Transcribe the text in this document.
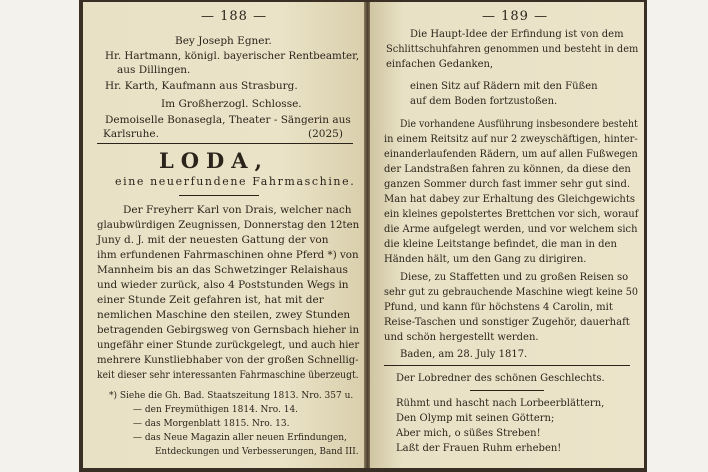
— 188 —
Bey Joseph Egner.
Hr. Hartmann, königl. bayerischer Rentbeamter,
aus Dillingen.
Hr. Karth, Kaufmann aus Strasburg.
Im Großherzogl. Schlosse.
Demoiselle Bonasegla, Theater - Sängerin aus
Karlsruhe.	(2025)
LODA,
eine neuerfundene Fahrmaschine.
Der Freyherr Karl von Drais, welcher nach
glaubwürdigen Zeugnissen, Donnerstag den 12ten
Juny d. J. mit der neuesten Gattung der von
ihm erfundenen Fahrmaschinen ohne Pferd *) von
Mannheim bis an das Schwetzinger Relaishaus
und wieder zurück, also 4 Poststunden Wegs in
einer Stunde Zeit gefahren ist, hat mit der
nemlichen Maschine den steilen, zwey Stunden
betragenden Gebirgsweg von Gernsbach hieher in
ungefähr einer Stunde zurückgelegt, und auch hier
mehrere Kunstliebhaber von der großen Schnellig-
keit dieser sehr interessanten Fahrmaschine überzeugt.
*) Siehe die Gh. Bad. Staatszeitung 1813. Nro. 357 u.
— den Freymüthigen 1814. Nro. 14.
— das Morgenblatt 1815. Nro. 13.
— das Neue Magazin aller neuen Erfindungen,
Entdeckungen und Verbesserungen, Band III.
— 189 —
Die Haupt-Idee der Erfindung ist von dem
Schlittschuhfahren genommen und besteht in dem
einfachen Gedanken,
einen Sitz auf Rädern mit den Füßen
auf dem Boden fortzustoßen.
Die vorhandene Ausführung insbesondere besteht
in einem Reitsitz auf nur 2 zweyschäftigen, hinter-
einanderlaufenden Rädern, um auf allen Fußwegen
der Landstraßen fahren zu können, da diese den
ganzen Sommer durch fast immer sehr gut sind.
Man hat dabey zur Erhaltung des Gleichgewichts
ein kleines gepolstertes Brettchen vor sich, worauf
die Arme aufgelegt werden, und vor welchem sich
die kleine Leitstange befindet, die man in den
Händen hält, um den Gang zu dirigiren.
Diese, zu Staffetten und zu großen Reisen so
sehr gut zu gebrauchende Maschine wiegt keine 50
Pfund, und kann für höchstens 4 Carolin, mit
Reise-Taschen und sonstiger Zugehör, dauerhaft
und schön hergestellt werden.
Baden, am 28. July 1817.
Der Lobredner des schönen Geschlechts.
Rühmt und hascht nach Lorbeerblättern,
Den Olymp mit seinen Göttern;
Aber mich, o süßes Streben!
Laßt der Frauen Ruhm erheben!
